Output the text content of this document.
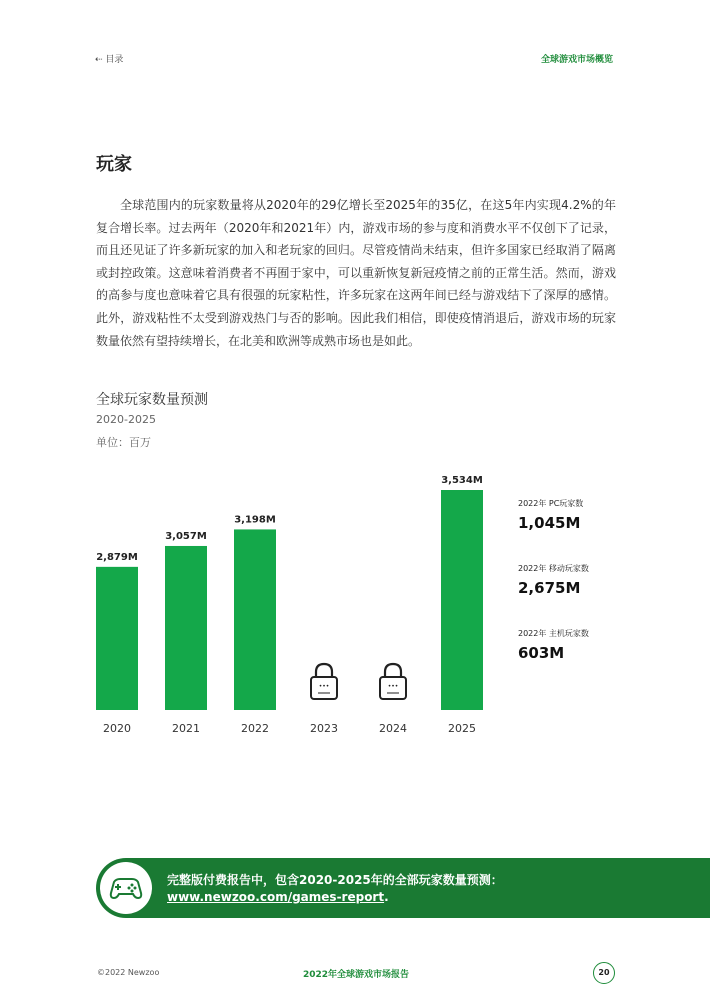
⇠ 目录	全球游戏市场概览
玩家
全球范围内的玩家数量将从2020年的29亿增长至2025年的35亿，在这5年内实现4.2%的年复合增长率。过去两年（2020年和2021年）内，游戏市场的参与度和消费水平不仅创下了记录，而且还见证了许多新玩家的加入和老玩家的回归。尽管疫情尚未结束，但许多国家已经取消了隔离或封控政策。这意味着消费者不再囿于家中，可以重新恢复新冠疫情之前的正常生活。然而，游戏的高参与度也意味着它具有很强的玩家粘性，许多玩家在这两年间已经与游戏结下了深厚的感情。此外，游戏粘性不太受到游戏热门与否的影响。因此我们相信，即使疫情消退后，游戏市场的玩家数量依然有望持续增长，在北美和欧洲等成熟市场也是如此。
全球玩家数量预测
2020-2025
单位：百万
2,879M
2020
3,057M
2021
3,198M
2022
•••
2023
•••
2024
3,534M
2025
2022年 PC玩家数
1,045M
2022年 移动玩家数
2,675M
2022年 主机玩家数
603M
完整版付费报告中，包含2020-2025年的全部玩家数量预测：
www.newzoo.com/games-report.
©2022 Newzoo	2022年全球游戏市场报告	20
